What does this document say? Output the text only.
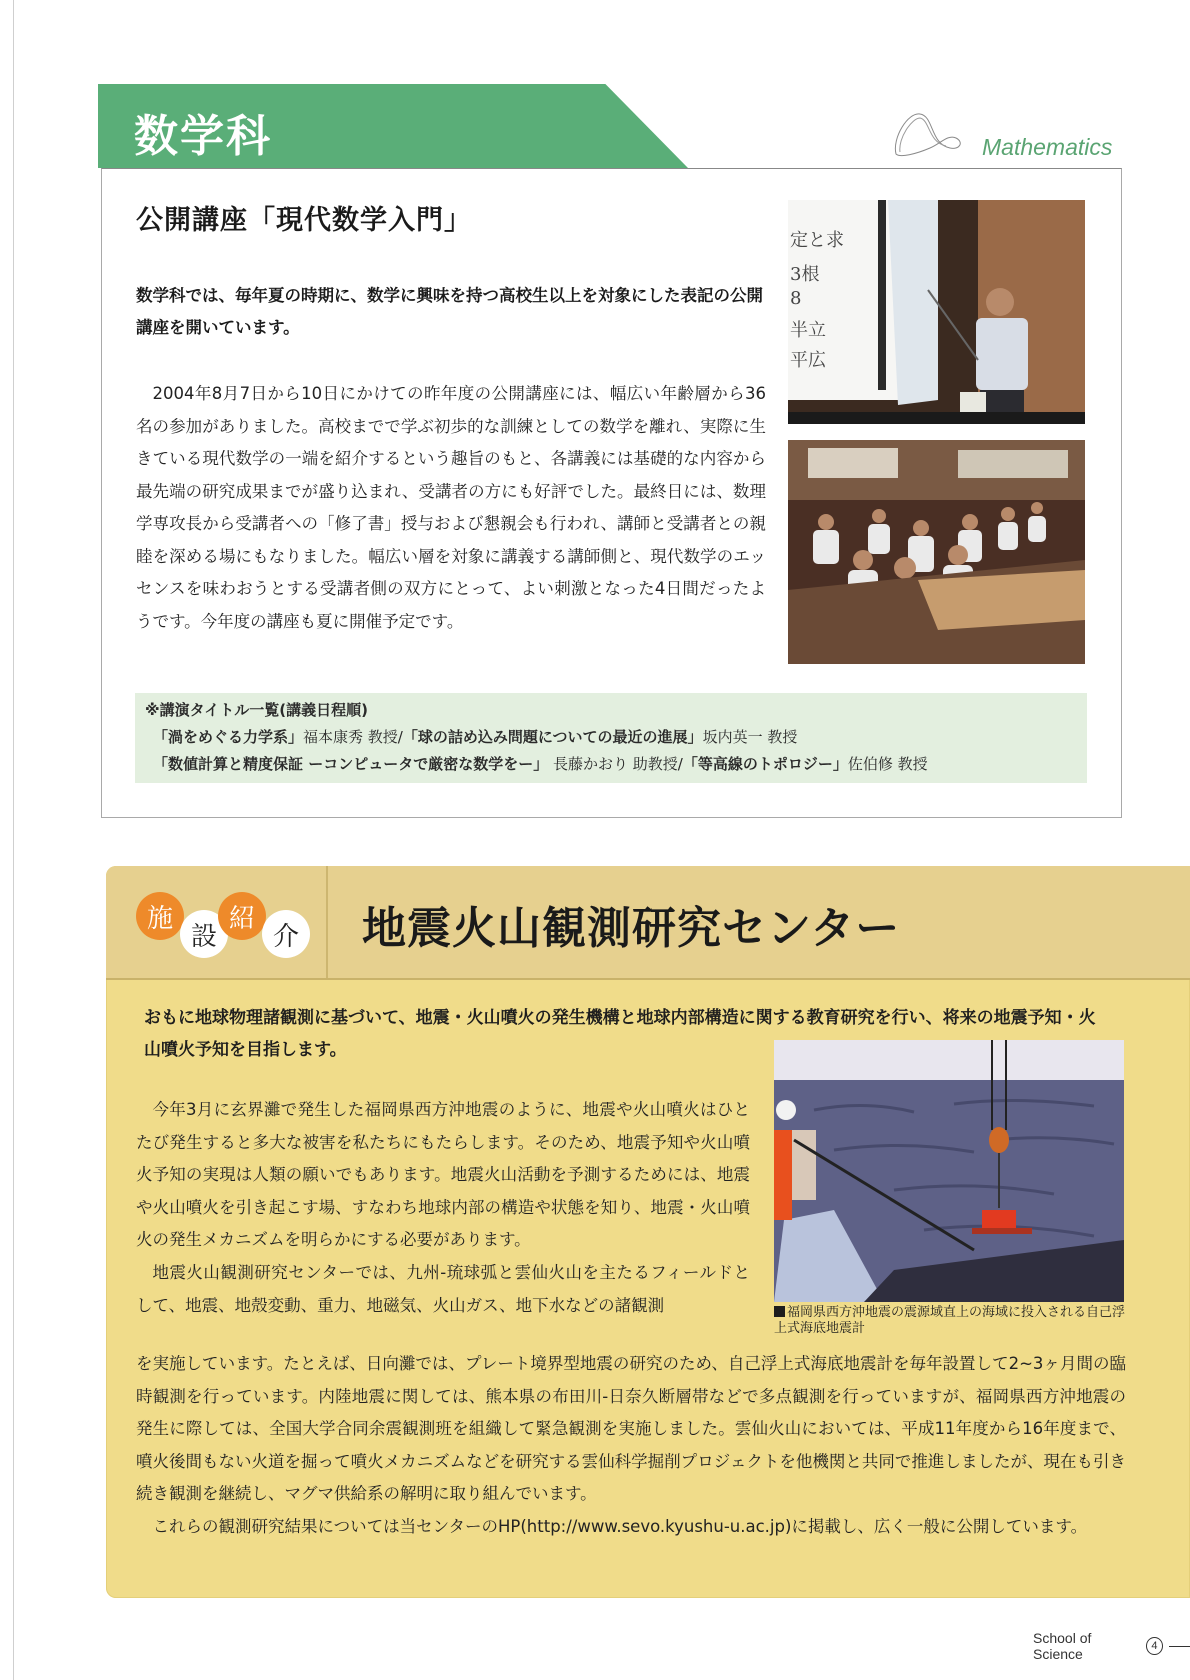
数学科	Mathematics
公開講座「現代数学入門」
数学科では、毎年夏の時期に、数学に興味を持つ高校生以上を対象にした表記の公開講座を開いています。
2004年8月7日から10日にかけての昨年度の公開講座には、幅広い年齢層から36名の参加がありました。高校までで学ぶ初歩的な訓練としての数学を離れ、実際に生きている現代数学の一端を紹介するという趣旨のもと、各講義には基礎的な内容から最先端の研究成果までが盛り込まれ、受講者の方にも好評でした。最終日には、数理学専攻長から受講者への「修了書」授与および懇親会も行われ、講師と受講者との親睦を深める場にもなりました。幅広い層を対象に講義する講師側と、現代数学のエッセンスを味わおうとする受講者側の双方にとって、よい刺激となった4日間だったようです。今年度の講座も夏に開催予定です。
定と求
3根
8
半立
平広
※講演タイトル一覧(講義日程順)
「渦をめぐる力学系」福本康秀 教授/「球の詰め込み問題についての最近の進展」坂内英一 教授
「数値計算と精度保証 ーコンピュータで厳密な数学をー」 長藤かおり 助教授/「等高線のトポロジー」佐伯修 教授
施
設
紹
介 地震火山観測研究センター
おもに地球物理諸観測に基づいて、地震・火山噴火の発生機構と地球内部構造に関する教育研究を行い、将来の地震予知・火山噴火予知を目指します。

今年3月に玄界灘で発生した福岡県西方沖地震のように、地震や火山噴火はひとたび発生すると多大な被害を私たちにもたらします。そのため、地震予知や火山噴火予知の実現は人類の願いでもあります。地震火山活動を予測するためには、地震や火山噴火を引き起こす場、すなわち地球内部の構造や状態を知り、地震・火山噴火の発生メカニズムを明らかにする必要があります。

地震火山観測研究センターでは、九州-琉球弧と雲仙火山を主たるフィールドとして、地震、地殻変動、重力、地磁気、火山ガス、地下水などの諸観測	福岡県西方沖地震の震源域直上の海域に投入される自己浮上式海底地震計

を実施しています。たとえば、日向灘では、プレート境界型地震の研究のため、自己浮上式海底地震計を毎年設置して2~3ヶ月間の臨時観測を行っています。内陸地震に関しては、熊本県の布田川-日奈久断層帯などで多点観測を行っていますが、福岡県西方沖地震の発生に際しては、全国大学合同余震観測班を組織して緊急観測を実施しました。雲仙火山においては、平成11年度から16年度まで、噴火後間もない火道を掘って噴火メカニズムなどを研究する雲仙科学掘削プロジェクトを他機関と共同で推進しましたが、現在も引き続き観測を継続し、マグマ供給系の解明に取り組んでいます。

これらの観測研究結果については当センターのHP(http://www.sevo.kyushu-u.ac.jp)に掲載し、広く一般に公開しています。

School of Science	4
